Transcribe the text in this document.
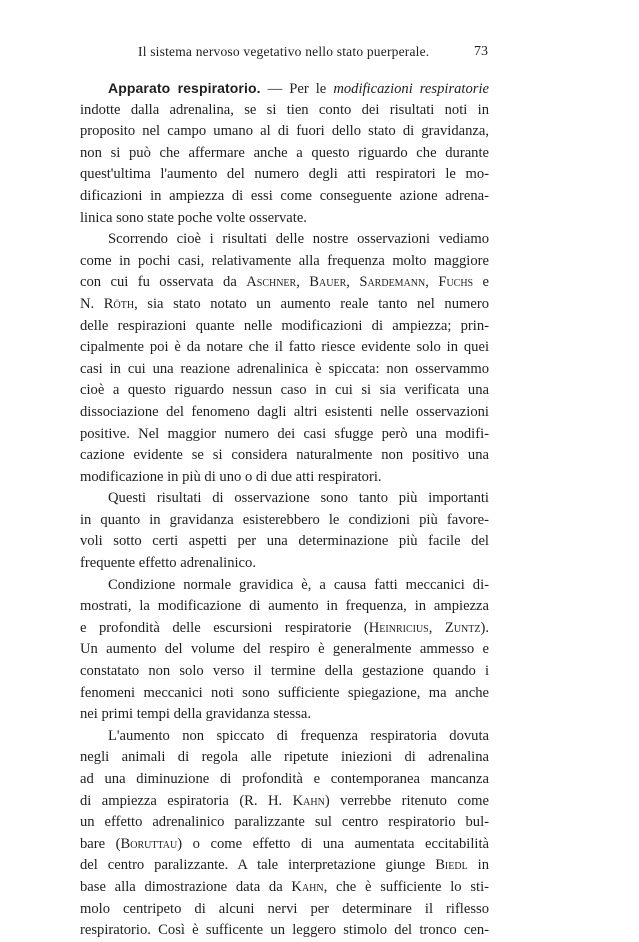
Il sistema nervoso vegetativo nello stato puerperale.	73
Apparato respiratorio. — Per le modificazioni respiratorie
indotte dalla adrenalina, se si tien conto dei risultati noti in
proposito nel campo umano al di fuori dello stato di gravidanza,
non si può che affermare anche a questo riguardo che durante
quest'ultima l'aumento del numero degli atti respiratori le mo-
dificazioni in ampiezza di essi come conseguente azione adrena-
linica sono state poche volte osservate.
Scorrendo cioè i risultati delle nostre osservazioni vediamo
come in pochi casi, relativamente alla frequenza molto maggiore
con cui fu osservata da Aschner, Bauer, Sardemann, Fuchs e
N. Röth, sia stato notato un aumento reale tanto nel numero
delle respirazioni quante nelle modificazioni di ampiezza; prin-
cipalmente poi è da notare che il fatto riesce evidente solo in quei
casi in cui una reazione adrenalinica è spiccata: non osservammo
cioè a questo riguardo nessun caso in cui si sia verificata una
dissociazione del fenomeno dagli altri esistenti nelle osservazioni
positive. Nel maggior numero dei casi sfugge però una modifi-
cazione evidente se si considera naturalmente non positivo una
modificazione in più di uno o di due atti respiratori.
Questi risultati di osservazione sono tanto più importanti
in quanto in gravidanza esisterebbero le condizioni più favore-
voli sotto certi aspetti per una determinazione più facile del
frequente effetto adrenalinico.
Condizione normale gravidica è, a causa fatti meccanici di-
mostrati, la modificazione di aumento in frequenza, in ampiezza
e profondità delle escursioni respiratorie (Heinricius, Zuntz).
Un aumento del volume del respiro è generalmente ammesso e
constatato non solo verso il termine della gestazione quando i
fenomeni meccanici noti sono sufficiente spiegazione, ma anche
nei primi tempi della gravidanza stessa.
L'aumento non spiccato di frequenza respiratoria dovuta
negli animali di regola alle ripetute iniezioni di adrenalina
ad una diminuzione di profondità e contemporanea mancanza
di ampiezza espiratoria (R. H. Kahn) verrebbe ritenuto come
un effetto adrenalinico paralizzante sul centro respiratorio bul-
bare (Boruttau) o come effetto di una aumentata eccitabilità
del centro paralizzante. A tale interpretazione giunge Biedl in
base alla dimostrazione data da Kahn, che è sufficiente lo sti-
molo centripeto di alcuni nervi per determinare il riflesso
respiratorio. Così è sufficente un leggero stimolo del tronco cen-
